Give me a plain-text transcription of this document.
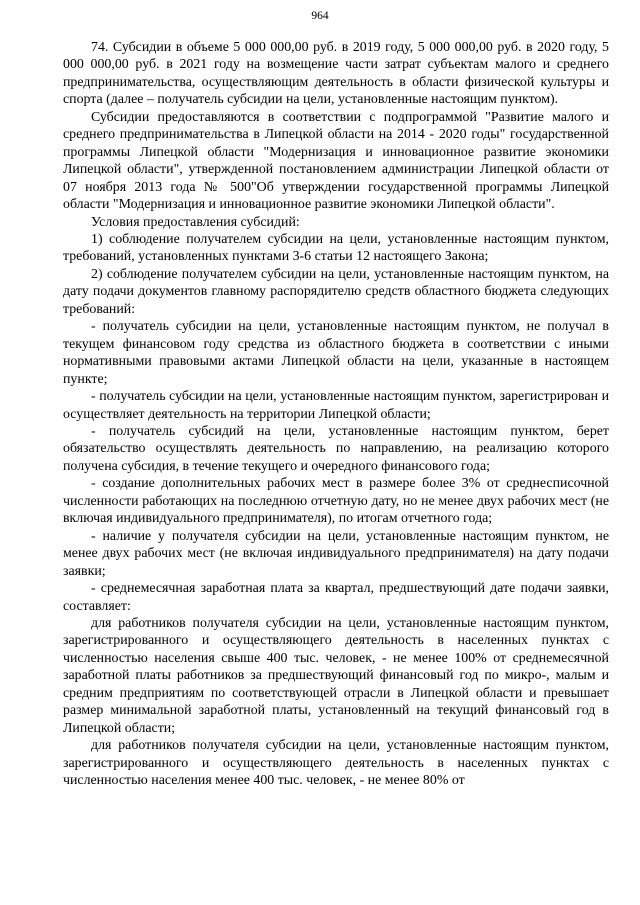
964

74. Субсидии в объеме 5 000 000,00 руб. в 2019 году, 5 000 000,00 руб. в 2020 году, 5 000 000,00 руб. в 2021 году на возмещение части затрат субъектам малого и среднего предпринимательства, осуществляющим деятельность в области физической культуры и спорта (далее – получатель субсидии на цели, установленные настоящим пунктом).

Субсидии предоставляются в соответствии с подпрограммой "Развитие малого и среднего предпринимательства в Липецкой области на 2014 - 2020 годы" государственной программы Липецкой области "Модернизация и инновационное развитие экономики Липецкой области", утвержденной постановлением администрации Липецкой области от 07 ноября 2013 года № 500"Об утверждении государственной программы Липецкой области "Модернизация и инновационное развитие экономики Липецкой области".

Условия предоставления субсидий:

1) соблюдение получателем субсидии на цели, установленные настоящим пунктом, требований, установленных пунктами 3-6 статьи 12 настоящего Закона;

2) соблюдение получателем субсидии на цели, установленные настоящим пунктом, на дату подачи документов главному распорядителю средств областного бюджета следующих требований:

- получатель субсидии на цели, установленные настоящим пунктом, не получал в текущем финансовом году средства из областного бюджета в соответствии с иными нормативными правовыми актами Липецкой области на цели, указанные в настоящем пункте;

- получатель субсидии на цели, установленные настоящим пунктом, зарегистрирован и осуществляет деятельность на территории Липецкой области;

- получатель субсидий на цели, установленные настоящим пунктом, берет обязательство осуществлять деятельность по направлению, на реализацию которого получена субсидия, в течение текущего и очередного финансового года;

- создание дополнительных рабочих мест в размере более 3% от среднесписочной численности работающих на последнюю отчетную дату, но не менее двух рабочих мест (не включая индивидуального предпринимателя), по итогам отчетного года;

- наличие у получателя субсидии на цели, установленные настоящим пунктом, не менее двух рабочих мест (не включая индивидуального предпринимателя) на дату подачи заявки;

- среднемесячная заработная плата за квартал, предшествующий дате подачи заявки, составляет:

для работников получателя субсидии на цели, установленные настоящим пунктом, зарегистрированного и осуществляющего деятельность в населенных пунктах с численностью населения свыше 400 тыс. человек, - не менее 100% от среднемесячной заработной платы работников за предшествующий финансовый год по микро-, малым и средним предприятиям по соответствующей отрасли в Липецкой области и превышает размер минимальной заработной платы, установленный на текущий финансовый год в Липецкой области;

для работников получателя субсидии на цели, установленные настоящим пунктом, зарегистрированного и осуществляющего деятельность в населенных пунктах с численностью населения менее 400 тыс. человек, - не менее 80% от
